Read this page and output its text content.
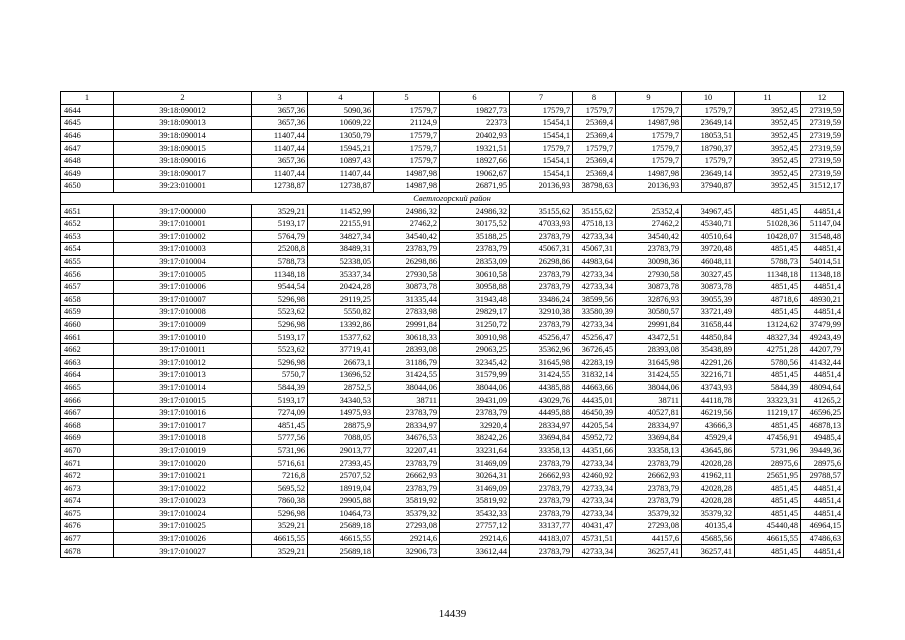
1	2	3	4	5	6	7	8	9	10	11	12
4644	39:18:090012	3657,36	5090,36	17579,7	19827,73	17579,7	17579,7	17579,7	17579,7	3952,45	27319,59
4645	39:18:090013	3657,36	10609,22	21124,9	22373	15454,1	25369,4	14987,98	23649,14	3952,45	27319,59
4646	39:18:090014	11407,44	13050,79	17579,7	20402,93	15454,1	25369,4	17579,7	18053,51	3952,45	27319,59
4647	39:18:090015	11407,44	15945,21	17579,7	19321,51	17579,7	17579,7	17579,7	18790,37	3952,45	27319,59
4648	39:18:090016	3657,36	10897,43	17579,7	18927,66	15454,1	25369,4	17579,7	17579,7	3952,45	27319,59
4649	39:18:090017	11407,44	11407,44	14987,98	19062,67	15454,1	25369,4	14987,98	23649,14	3952,45	27319,59
4650	39:23:010001	12738,87	12738,87	14987,98	26871,95	20136,93	38798,63	20136,93	37940,87	3952,45	31512,17
Светлогорский район											
4651	39:17:000000	3529,21	11452,99	24986,32	24986,32	35155,62	35155,62	25352,4	34967,45	4851,45	44851,4
4652	39:17:010001	5193,17	22155,91	27462,2	30175,52	47033,93	47518,13	27462,2	45340,71	51028,36	51147,04
4653	39:17:010002	5764,79	34827,34	34540,42	35188,25	23783,79	42733,34	34540,42	40510,64	10428,07	31548,48
4654	39:17:010003	25208,8	38489,31	23783,79	23783,79	45067,31	45067,31	23783,79	39720,48	4851,45	44851,4
4655	39:17:010004	5788,73	52338,05	26298,86	28353,09	26298,86	44983,64	30098,36	46048,11	5788,73	54014,51
4656	39:17:010005	11348,18	35337,34	27930,58	30610,58	23783,79	42733,34	27930,58	30327,45	11348,18	11348,18
4657	39:17:010006	9544,54	20424,28	30873,78	30958,88	23783,79	42733,34	30873,78	30873,78	4851,45	44851,4
4658	39:17:010007	5296,98	29119,25	31335,44	31943,48	33486,24	38599,56	32876,93	39055,39	48718,6	48930,21
4659	39:17:010008	5523,62	5550,82	27833,98	29829,17	32910,38	33580,39	30580,57	33721,49	4851,45	44851,4
4660	39:17:010009	5296,98	13392,86	29991,84	31250,72	23783,79	42733,34	29991,84	31658,44	13124,62	37479,99
4661	39:17:010010	5193,17	15377,62	30618,33	30910,98	45256,47	45256,47	43472,51	44850,84	48327,34	49243,49
4662	39:17:010011	5523,62	37719,41	28393,08	29063,25	35362,96	36726,45	28393,08	35438,89	42751,28	44207,79
4663	39:17:010012	5296,98	26673,1	31186,79	32345,42	31645,98	42283,19	31645,98	42291,26	5780,56	41432,44
4664	39:17:010013	5750,7	13696,52	31424,55	31579,99	31424,55	31832,14	31424,55	32216,71	4851,45	44851,4
4665	39:17:010014	5844,39	28752,5	38044,06	38044,06	44385,88	44663,66	38044,06	43743,93	5844,39	48094,64
4666	39:17:010015	5193,17	34340,53	38711	39431,09	43029,76	44435,01	38711	44118,78	33323,31	41265,2
4667	39:17:010016	7274,09	14975,93	23783,79	23783,79	44495,88	46450,39	40527,81	46219,56	11219,17	46596,25
4668	39:17:010017	4851,45	28875,9	28334,97	32920,4	28334,97	44205,54	28334,97	43666,3	4851,45	46878,13
4669	39:17:010018	5777,56	7088,05	34676,53	38242,26	33694,84	45952,72	33694,84	45929,4	47456,91	49485,4
4670	39:17:010019	5731,96	29013,77	32207,41	33231,64	33358,13	44351,66	33358,13	43645,86	5731,96	39449,36
4671	39:17:010020	5716,61	27393,45	23783,79	31469,09	23783,79	42733,34	23783,79	42028,28	28975,6	28975,6
4672	39:17:010021	7216,8	25707,52	26662,93	30264,31	26662,93	42460,92	26662,93	41962,11	25651,95	29788,57
4673	39:17:010022	5695,52	18919,04	23783,79	31469,09	23783,79	42733,34	23783,79	42028,28	4851,45	44851,4
4674	39:17:010023	7860,38	29905,88	35819,92	35819,92	23783,79	42733,34	23783,79	42028,28	4851,45	44851,4
4675	39:17:010024	5296,98	10464,73	35379,32	35432,33	23783,79	42733,34	35379,32	35379,32	4851,45	44851,4
4676	39:17:010025	3529,21	25689,18	27293,08	27757,12	33137,77	40431,47	27293,08	40135,4	45440,48	46964,15
4677	39:17:010026	46615,55	46615,55	29214,6	29214,6	44183,07	45731,51	44157,6	45685,56	46615,55	47486,63
4678	39:17:010027	3529,21	25689,18	32906,73	33612,44	23783,79	42733,34	36257,41	36257,41	4851,45	44851,4
14439
